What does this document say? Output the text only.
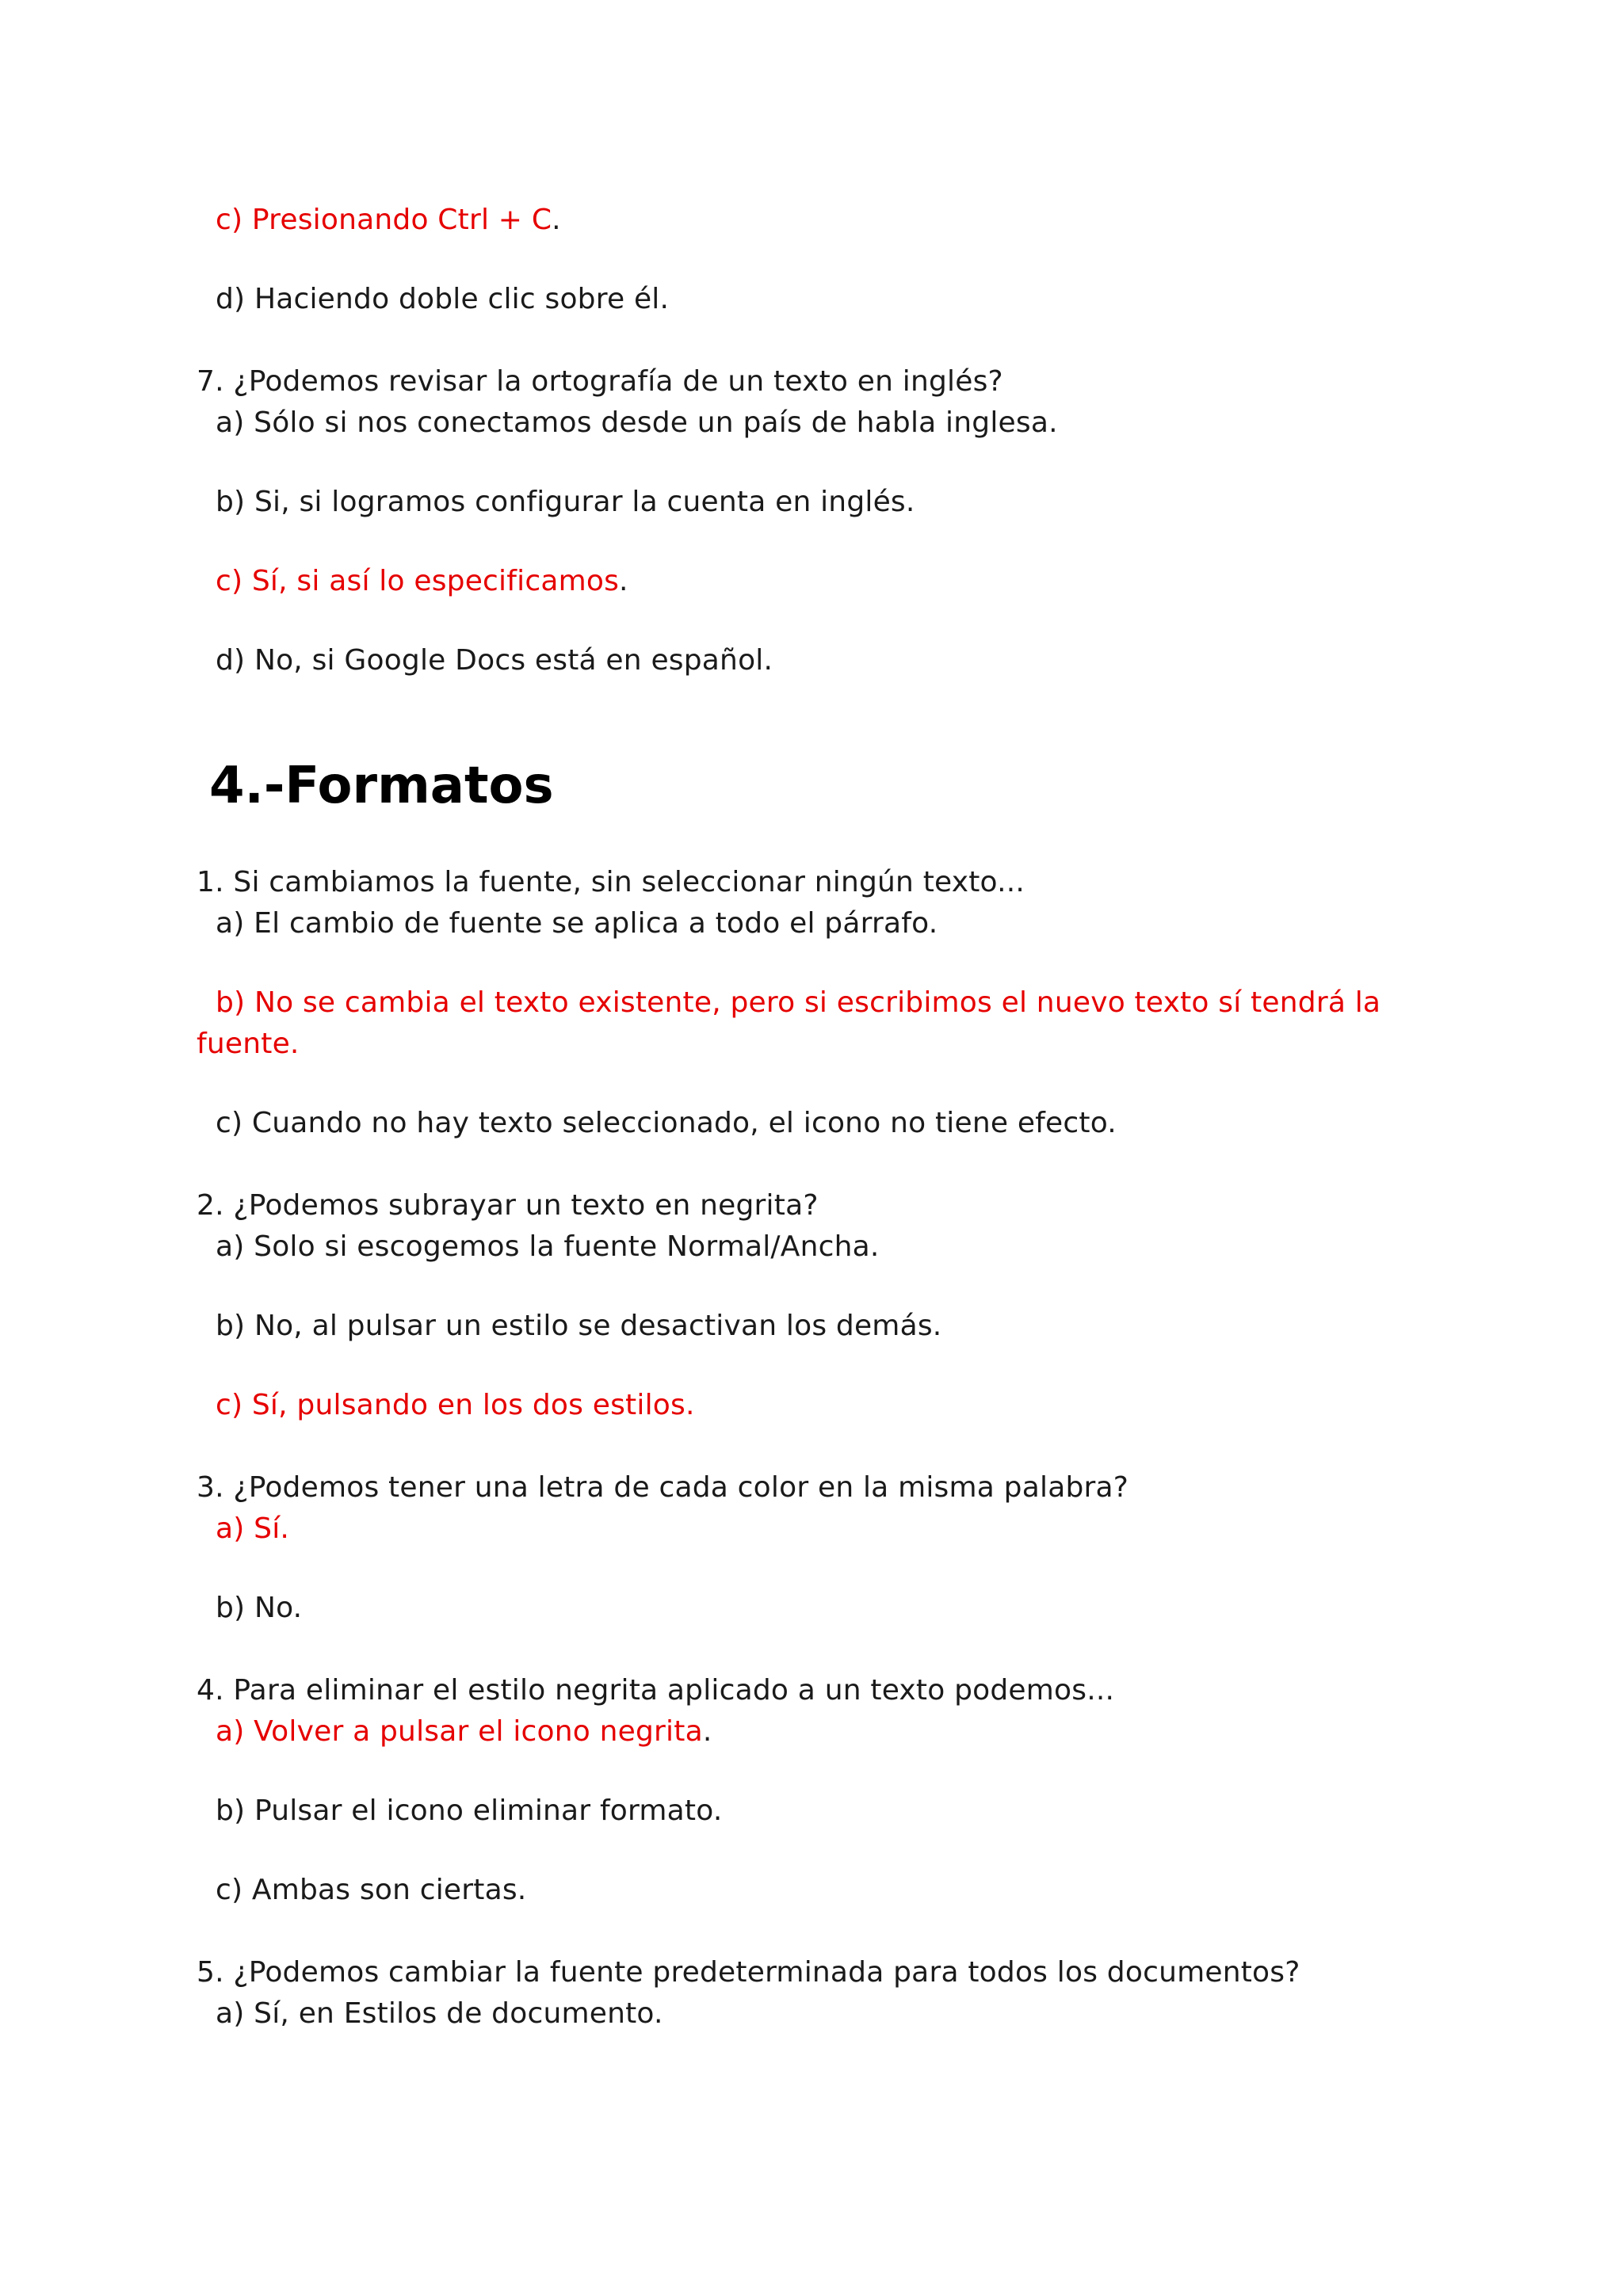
c) Presionando Ctrl + C.
d) Haciendo doble clic sobre él.
7. ¿Podemos revisar la ortografía de un texto en inglés?
a) Sólo si nos conectamos desde un país de habla inglesa.
b) Si, si logramos configurar la cuenta en inglés.
c) Sí, si así lo especificamos.
d) No, si Google Docs está en español.
4.-Formatos
1. Si cambiamos la fuente, sin seleccionar ningún texto...
a) El cambio de fuente se aplica a todo el párrafo.
b) No se cambia el texto existente, pero si escribimos el nuevo texto sí tendrá la
fuente.
c) Cuando no hay texto seleccionado, el icono no tiene efecto.
2. ¿Podemos subrayar un texto en negrita?
a) Solo si escogemos la fuente Normal/Ancha.
b) No, al pulsar un estilo se desactivan los demás.
c) Sí, pulsando en los dos estilos.
3. ¿Podemos tener una letra de cada color en la misma palabra?
a) Sí.
b) No.
4. Para eliminar el estilo negrita aplicado a un texto podemos...
a) Volver a pulsar el icono negrita.
b) Pulsar el icono eliminar formato.
c) Ambas son ciertas.
5. ¿Podemos cambiar la fuente predeterminada para todos los documentos?
a) Sí, en Estilos de documento.
